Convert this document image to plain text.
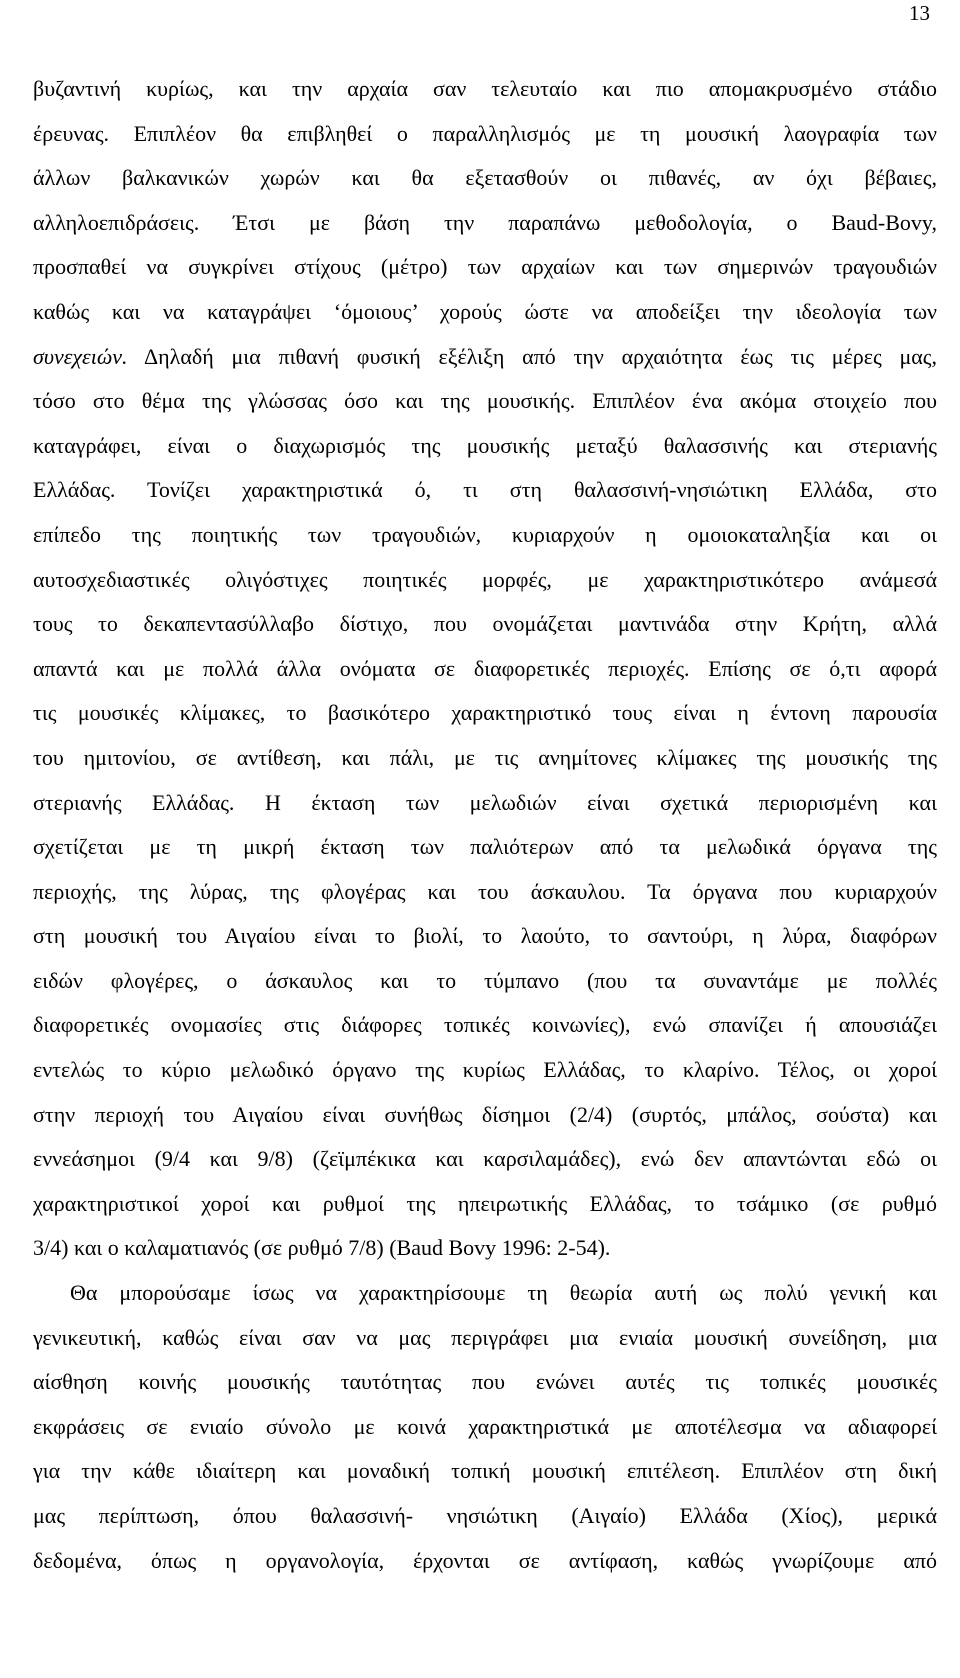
13
βυζαντινή κυρίως, και την αρχαία σαν τελευταίο και πιο απομακρυσμένο στάδιο
έρευνας. Επιπλέον θα επιβληθεί ο παραλληλισμός με τη μουσική λαογραφία των
άλλων βαλκανικών χωρών και θα εξετασθούν οι πιθανές, αν όχι βέβαιες,
αλληλοεπιδράσεις. Έτσι με βάση την παραπάνω μεθοδολογία, ο Baud-Bovy,
προσπαθεί να συγκρίνει στίχους (μέτρο) των αρχαίων και των σημερινών τραγουδιών
καθώς και να καταγράψει ‘όμοιους’ χορούς ώστε να αποδείξει την ιδεολογία των
συνεχειών. Δηλαδή μια πιθανή φυσική εξέλιξη από την αρχαιότητα έως τις μέρες μας,
τόσο στο θέμα της γλώσσας όσο και της μουσικής. Επιπλέον ένα ακόμα στοιχείο που
καταγράφει, είναι ο διαχωρισμός της μουσικής μεταξύ θαλασσινής και στεριανής
Ελλάδας. Τονίζει χαρακτηριστικά ό, τι στη θαλασσινή-νησιώτικη Ελλάδα, στο
επίπεδο της ποιητικής των τραγουδιών, κυριαρχούν η ομοιοκαταληξία και οι
αυτοσχεδιαστικές ολιγόστιχες ποιητικές μορφές, με χαρακτηριστικότερο ανάμεσά
τους το δεκαπεντασύλλαβο δίστιχο, που ονομάζεται μαντινάδα στην Κρήτη, αλλά
απαντά και με πολλά άλλα ονόματα σε διαφορετικές περιοχές. Επίσης σε ό,τι αφορά
τις μουσικές κλίμακες, το βασικότερο χαρακτηριστικό τους είναι η έντονη παρουσία
του ημιτονίου, σε αντίθεση, και πάλι, με τις ανημίτονες κλίμακες της μουσικής της
στεριανής Ελλάδας. Η έκταση των μελωδιών είναι σχετικά περιορισμένη και
σχετίζεται με τη μικρή έκταση των παλιότερων από τα μελωδικά όργανα της
περιοχής, της λύρας, της φλογέρας και του άσκαυλου. Τα όργανα που κυριαρχούν
στη μουσική του Αιγαίου είναι το βιολί, το λαούτο, το σαντούρι, η λύρα, διαφόρων
ειδών φλογέρες, ο άσκαυλος και το τύμπανο (που τα συναντάμε με πολλές
διαφορετικές ονομασίες στις διάφορες τοπικές κοινωνίες), ενώ σπανίζει ή απουσιάζει
εντελώς το κύριο μελωδικό όργανο της κυρίως Ελλάδας, το κλαρίνο. Τέλος, οι χοροί
στην περιοχή του Αιγαίου είναι συνήθως δίσημοι (2/4) (συρτός, μπάλος, σούστα) και
εννεάσημοι (9/4 και 9/8) (ζεϊμπέκικα και καρσιλαμάδες), ενώ δεν απαντώνται εδώ οι
χαρακτηριστικοί χοροί και ρυθμοί της ηπειρωτικής Ελλάδας, το τσάμικο (σε ρυθμό
3/4) και ο καλαματιανός (σε ρυθμό 7/8) (Baud Bovy 1996: 2-54).
Θα μπορούσαμε ίσως να χαρακτηρίσουμε τη θεωρία αυτή ως πολύ γενική και
γενικευτική, καθώς είναι σαν να μας περιγράφει μια ενιαία μουσική συνείδηση, μια
αίσθηση κοινής μουσικής ταυτότητας που ενώνει αυτές τις τοπικές μουσικές
εκφράσεις σε ενιαίο σύνολο με κοινά χαρακτηριστικά με αποτέλεσμα να αδιαφορεί
για την κάθε ιδιαίτερη και μοναδική τοπική μουσική επιτέλεση. Επιπλέον στη δική
μας περίπτωση, όπου θαλασσινή- νησιώτικη (Αιγαίο) Ελλάδα (Χίος), μερικά
δεδομένα, όπως η οργανολογία, έρχονται σε αντίφαση, καθώς γνωρίζουμε από
